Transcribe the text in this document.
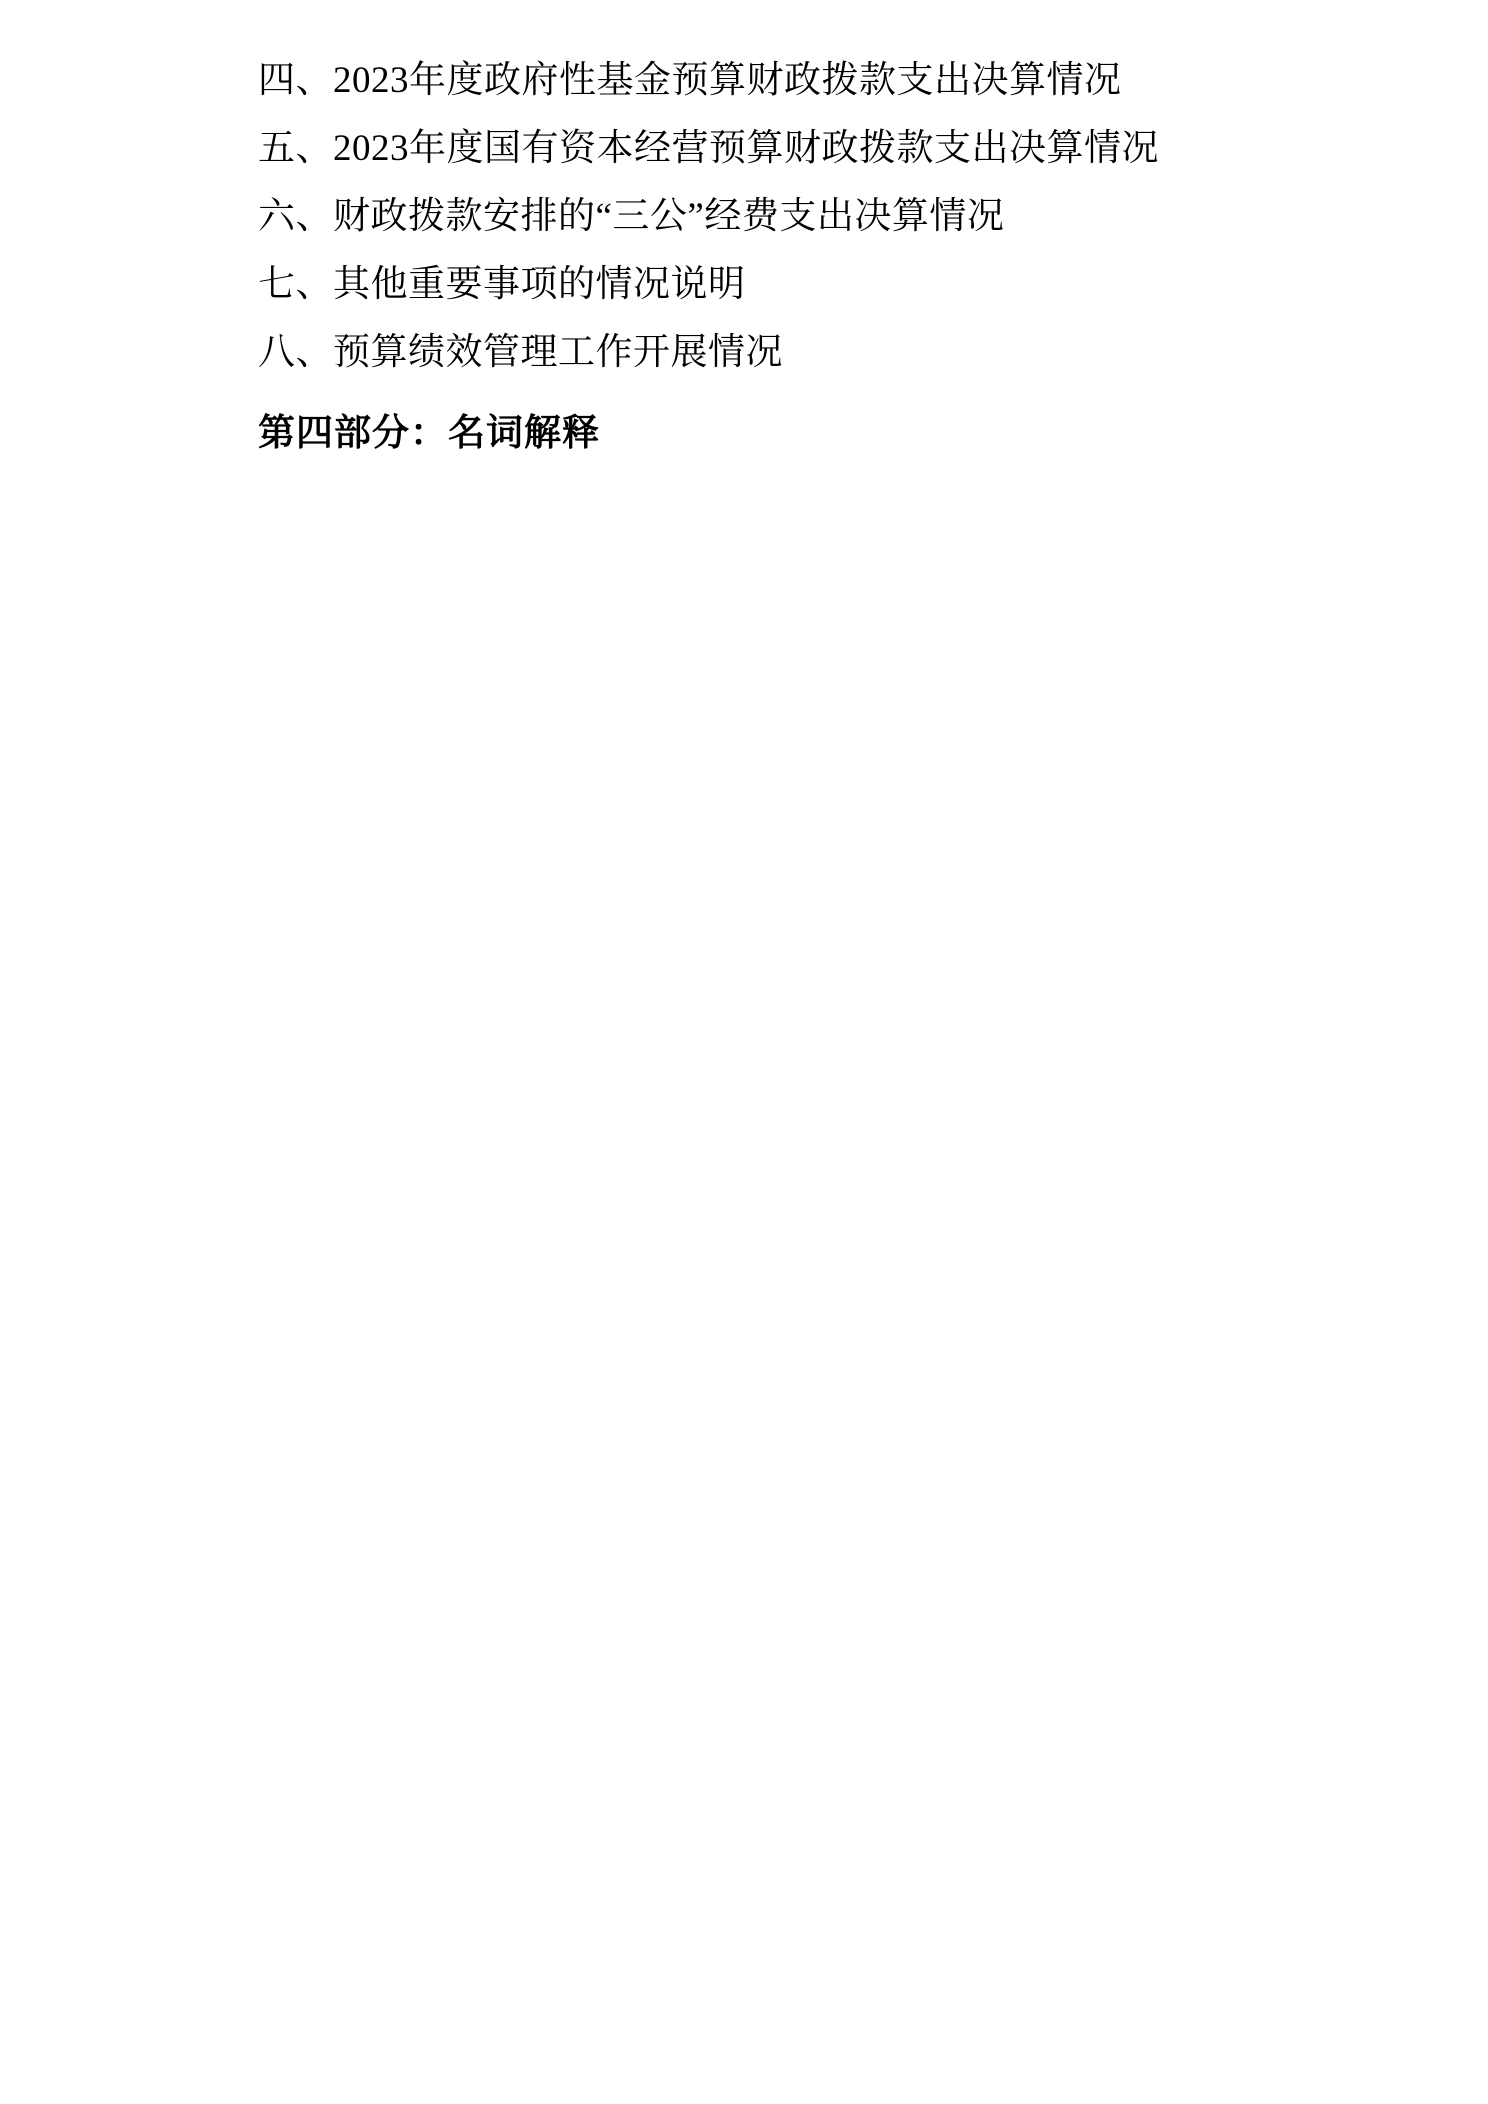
四、2023年度政府性基金预算财政拨款支出决算情况

五、2023年度国有资本经营预算财政拨款支出决算情况

六、财政拨款安排的“三公”经费支出决算情况

七、其他重要事项的情况说明

八、预算绩效管理工作开展情况

第四部分：名词解释
